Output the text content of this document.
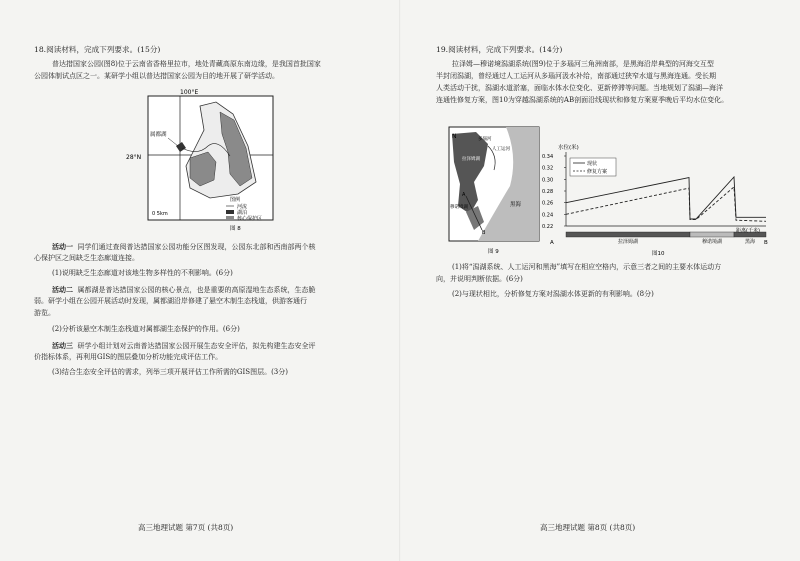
18.阅读材料，完成下列要求。(15分)
普达措国家公园(图8)位于云南省香格里拉市，地处青藏高原东南边缘，是我国首批国家
公园体制试点区之一。某研学小组以普达措国家公园为目的地开展了研学活动。
100°E
28°N
属都湖
0 5km
图例
河流
湖泊
核心保护区
图 8
活动一 同学们通过查阅普达措国家公园功能分区图发现，公园东北部和西南部两个核
心保护区之间缺乏生态廊道连接。
(1)说明缺乏生态廊道对该地生物多样性的不利影响。(6分)
活动二 属都湖是普达措国家公园的核心景点，也是重要的高原湿地生态系统，生态脆
弱。研学小组在公园开展活动时发现，属都湖沿岸修建了悬空木制生态栈道，供游客通行
游览。
(2)分析该悬空木制生态栈道对属都湖生态保护的作用。(6分)
活动三 研学小组计划对云南普达措国家公园开展生态安全评估，拟先构建生态安全评
价指标体系，再利用GIS的图层叠加分析功能完成评估工作。
(3)结合生态安全评估的需求，列举三项开展评估工作所需的GIS图层。(3分)
高三地理试题 第7页 (共8页)
19.阅读材料，完成下列要求。(14分)
拉泽姆—穆诺境潟湖系统(图9)位于多瑙河三角洲南部，是黑海沿岸典型的河海交互型
半封闭潟湖，曾经通过人工运河从多瑙河汲水补给，南部通过狭窄水道与黑海连通。受长期
人类活动干扰，潟湖水道淤塞，面临水体水位变化、更新停滞等问题。当地规划了潟湖—海洋
连通性修复方案，图10为穿越潟湖系统的AB剖面沿线现状和修复方案夏季晚后平均水位变化。
N	多瑙河
拉泽姆湖
人工运河
穆诺境湖	黑海
A
B
图 9
水位(米)
0.22
0.24
0.26
0.28
0.30
0.32
0.34
拉泽姆湖	穆诺境湖	黑海
现状
修复方案
距离(千米)
A	B
图10
(1)将“潟湖系统、人工运河和黑海”填写在相应空格内，示意三者之间的主要水体运动方
向，并说明判断依据。(6分)
(2)与现状相比，分析修复方案对潟湖水体更新的有利影响。(8分)
高三地理试题 第8页 (共8页)
